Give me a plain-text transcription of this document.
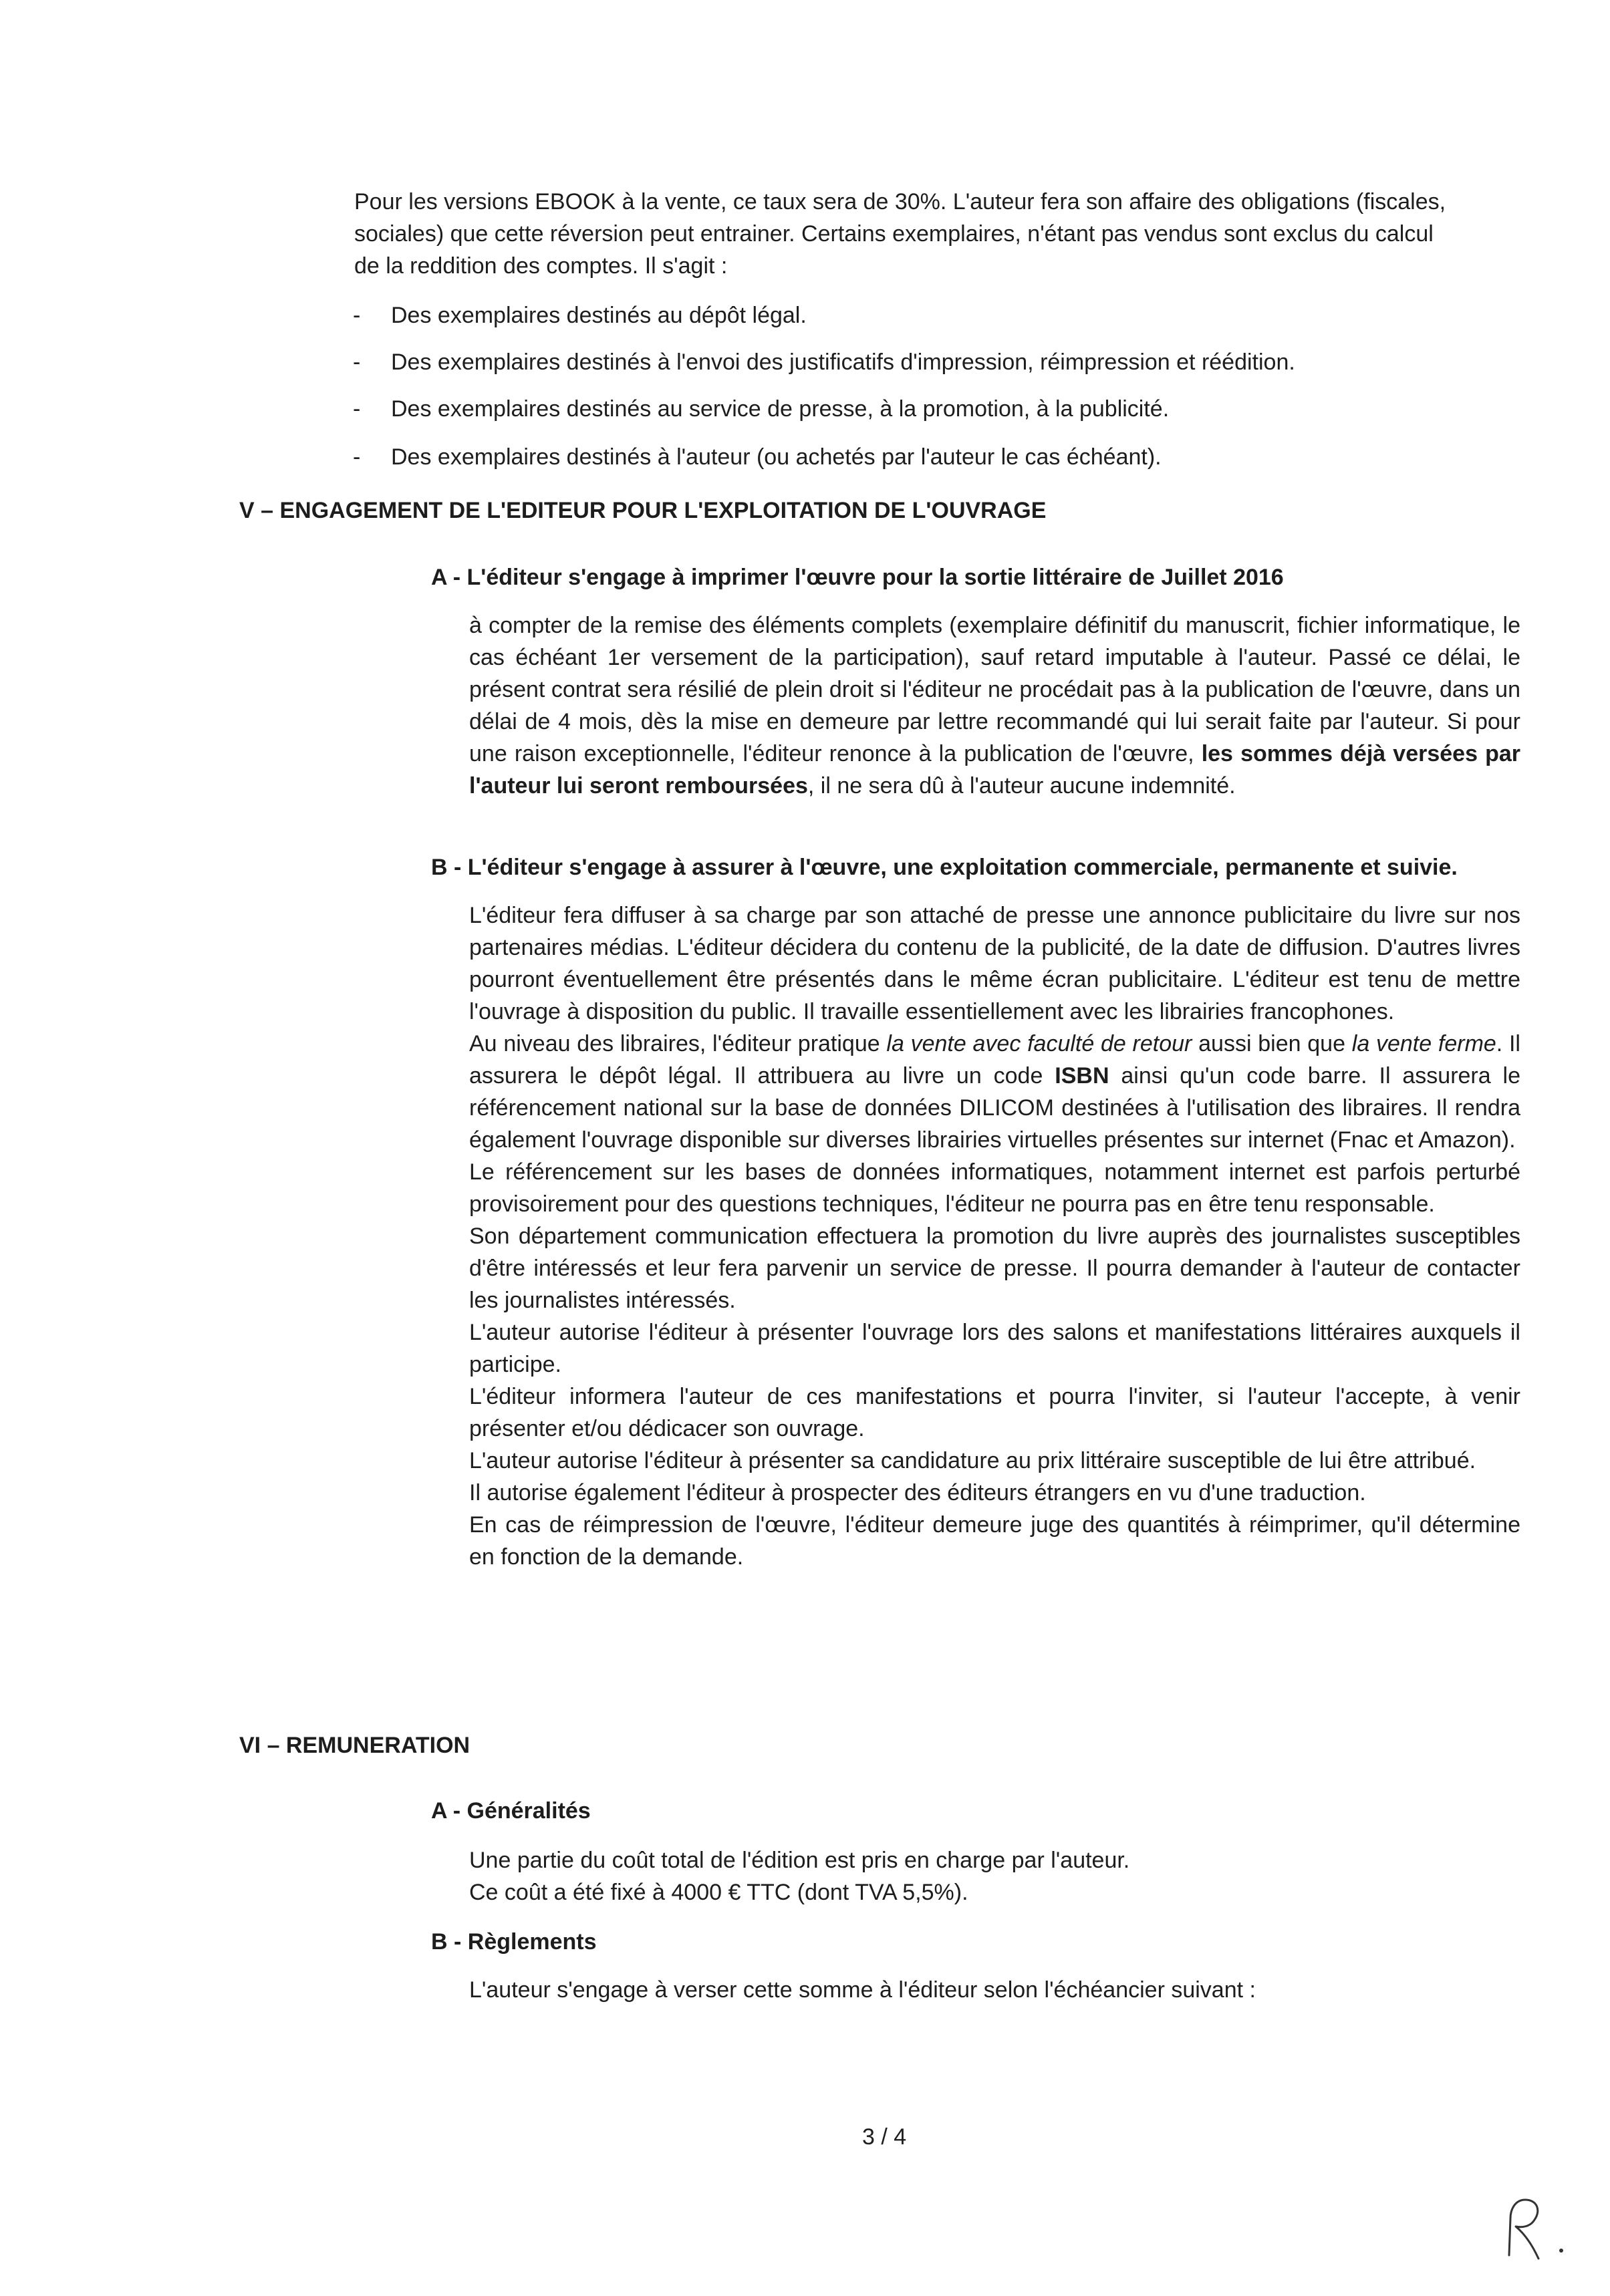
Pour les versions EBOOK à la vente, ce taux sera de 30%. L'auteur fera son affaire des obligations (fiscales,
sociales) que cette réversion peut entrainer. Certains exemplaires, n'étant pas vendus sont exclus du calcul
de la reddition des comptes. Il s'agit :
- Des exemplaires destinés au dépôt légal.
- Des exemplaires destinés à l'envoi des justificatifs d'impression, réimpression et réédition.
- Des exemplaires destinés au service de presse, à la promotion, à la publicité.
- Des exemplaires destinés à l'auteur (ou achetés par l'auteur le cas échéant).
V – ENGAGEMENT DE L'EDITEUR POUR L'EXPLOITATION DE L'OUVRAGE
A - L'éditeur s'engage à imprimer l'œuvre pour la sortie littéraire de Juillet 2016

à compter de la remise des éléments complets (exemplaire définitif du manuscrit, fichier informatique, le cas échéant 1er versement de la participation), sauf retard imputable à l'auteur. Passé ce délai, le présent contrat sera résilié de plein droit si l'éditeur ne procédait pas à la publication de l'œuvre, dans un délai de 4 mois, dès la mise en demeure par lettre recommandé qui lui serait faite par l'auteur. Si pour une raison exceptionnelle, l'éditeur renonce à la publication de l'œuvre, les sommes déjà versées par l'auteur lui seront remboursées, il ne sera dû à l'auteur aucune indemnité.

B - L'éditeur s'engage à assurer à l'œuvre, une exploitation commerciale, permanente et suivie.

L'éditeur fera diffuser à sa charge par son attaché de presse une annonce publicitaire du livre sur nos partenaires médias. L'éditeur décidera du contenu de la publicité, de la date de diffusion. D'autres livres pourront éventuellement être présentés dans le même écran publicitaire. L'éditeur est tenu de mettre l'ouvrage à disposition du public. Il travaille essentiellement avec les librairies francophones.

Au niveau des libraires, l'éditeur pratique la vente avec faculté de retour aussi bien que la vente ferme. Il assurera le dépôt légal. Il attribuera au livre un code ISBN ainsi qu'un code barre. Il assurera le référencement national sur la base de données DILICOM destinées à l'utilisation des libraires. Il rendra également l'ouvrage disponible sur diverses librairies virtuelles présentes sur internet (Fnac et Amazon).

Le référencement sur les bases de données informatiques, notamment internet est parfois perturbé provisoirement pour des questions techniques, l'éditeur ne pourra pas en être tenu responsable.

Son département communication effectuera la promotion du livre auprès des journalistes susceptibles d'être intéressés et leur fera parvenir un service de presse. Il pourra demander à l'auteur de contacter les journalistes intéressés.

L'auteur autorise l'éditeur à présenter l'ouvrage lors des salons et manifestations littéraires auxquels il participe.

L'éditeur informera l'auteur de ces manifestations et pourra l'inviter, si l'auteur l'accepte, à venir présenter et/ou dédicacer son ouvrage.

L'auteur autorise l'éditeur à présenter sa candidature au prix littéraire susceptible de lui être attribué.

Il autorise également l'éditeur à prospecter des éditeurs étrangers en vu d'une traduction.

En cas de réimpression de l'œuvre, l'éditeur demeure juge des quantités à réimprimer, qu'il détermine en fonction de la demande.

VI – REMUNERATION
A - Généralités
Une partie du coût total de l'édition est pris en charge par l'auteur.
Ce coût a été fixé à 4000 € TTC (dont TVA 5,5%).
B - Règlements
L'auteur s'engage à verser cette somme à l'éditeur selon l'échéancier suivant :
3 / 4
